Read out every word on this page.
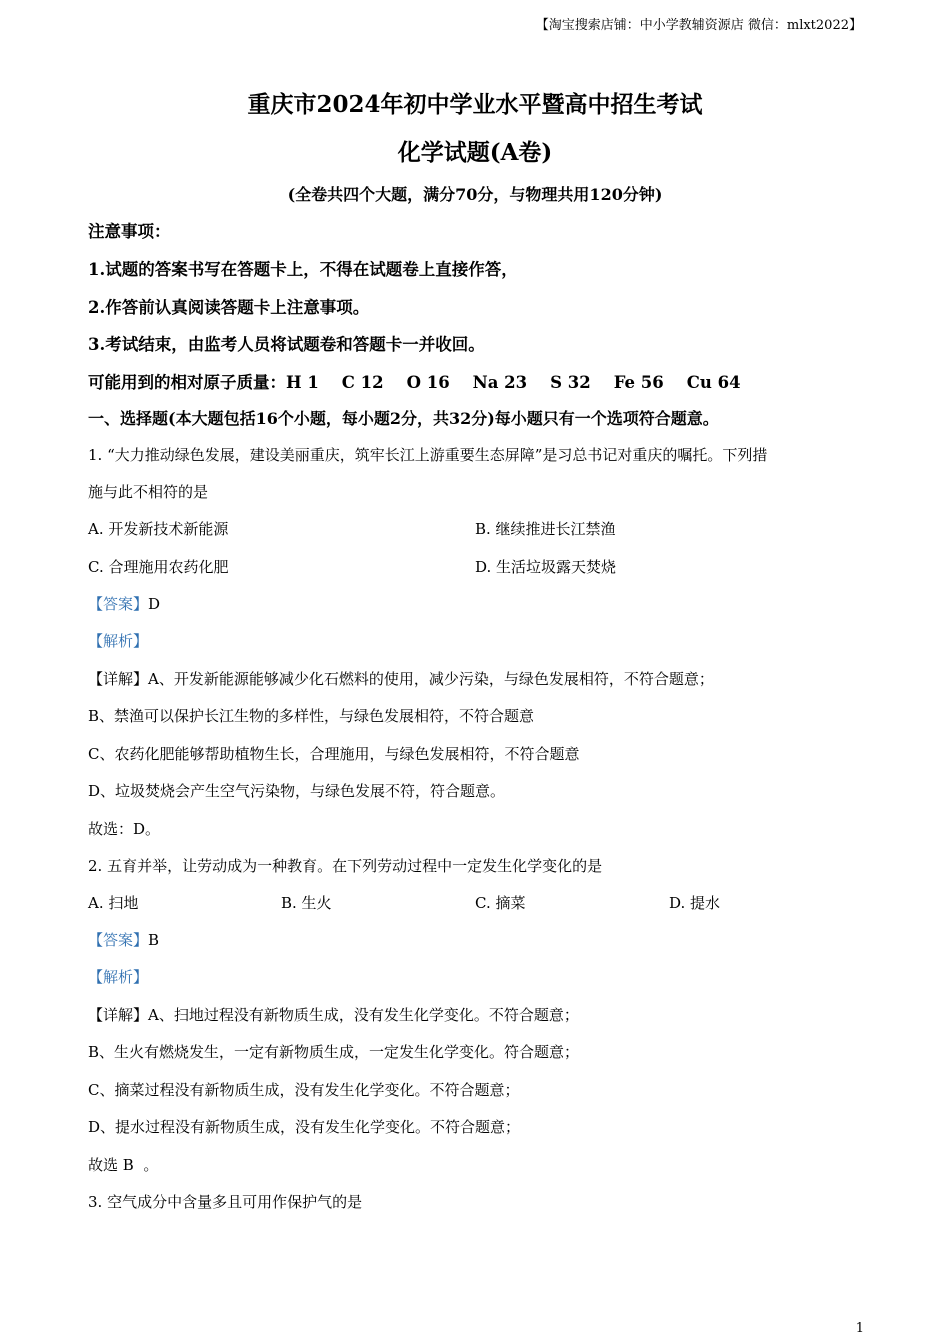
【淘宝搜索店铺：中小学教辅资源店 微信：mlxt2022】
重庆市2024年初中学业水平暨高中招生考试
化学试题(A卷)
(全卷共四个大题，满分70分，与物理共用120分钟)
注意事项：
1.试题的答案书写在答题卡上，不得在试题卷上直接作答，
2.作答前认真阅读答题卡上注意事项。
3.考试结束，由监考人员将试题卷和答题卡一并收回。
可能用到的相对原子质量：H 1    C 12    O 16    Na 23    S 32    Fe 56    Cu 64
一、选择题(本大题包括16个小题，每小题2分，共32分)每小题只有一个选项符合题意。
1. “大力推动绿色发展，建设美丽重庆，筑牢长江上游重要生态屏障”是习总书记对重庆的嘱托。下列措
施与此不相符的是
A. 开发新技术新能源	B. 继续推进长江禁渔
C. 合理施用农药化肥	D. 生活垃圾露天焚烧
【答案】D
【解析】
【详解】A、开发新能源能够减少化石燃料的使用，减少污染，与绿色发展相符，不符合题意；
B、禁渔可以保护长江生物的多样性，与绿色发展相符，不符合题意
C、农药化肥能够帮助植物生长，合理施用，与绿色发展相符，不符合题意
D、垃圾焚烧会产生空气污染物，与绿色发展不符，符合题意。
故选：D。
2. 五育并举，让劳动成为一种教育。在下列劳动过程中一定发生化学变化的是
A. 扫地	B. 生火	C. 摘菜	D. 提水
【答案】B
【解析】
【详解】A、扫地过程没有新物质生成，没有发生化学变化。不符合题意；
B、生火有燃烧发生，一定有新物质生成，一定发生化学变化。符合题意；
C、摘菜过程没有新物质生成，没有发生化学变化。不符合题意；
D、提水过程没有新物质生成，没有发生化学变化。不符合题意；
故选 B  。
3. 空气成分中含量多且可用作保护气的是
1
